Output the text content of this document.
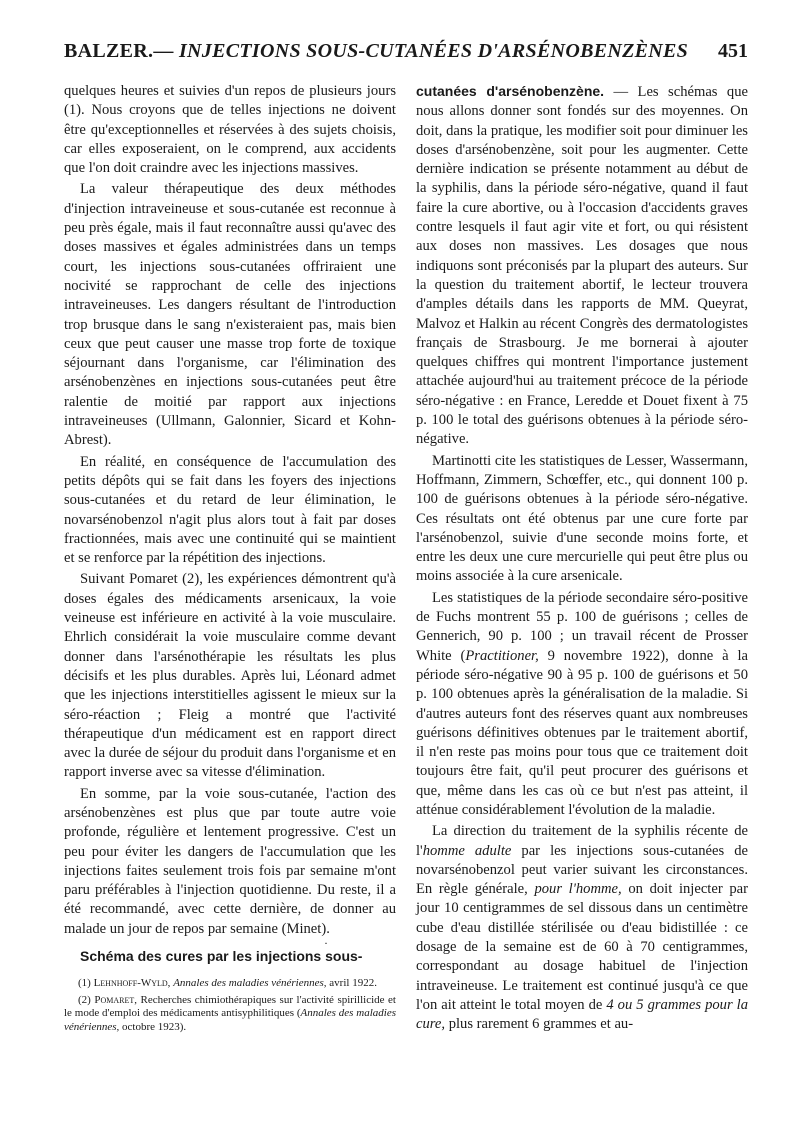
BALZER.— INJECTIONS SOUS-CUTANÉES D'ARSÉNOBENZÈNES 451

quelques heures et suivies d'un repos de plusieurs jours (1). Nous croyons que de telles injections ne doivent être qu'exceptionnelles et réservées à des sujets choisis, car elles exposeraient, on le comprend, aux accidents que l'on doit craindre avec les injections massives.

La valeur thérapeutique des deux méthodes d'injection intraveineuse et sous-cutanée est reconnue à peu près égale, mais il faut reconnaître aussi qu'avec des doses massives et égales administrées dans un temps court, les injections sous-cutanées offriraient une nocivité se rapprochant de celle des injections intraveineuses. Les dangers résultant de l'introduction trop brusque dans le sang n'existeraient pas, mais bien ceux que peut causer une masse trop forte de toxique séjournant dans l'organisme, car l'élimination des arsénobenzènes en injections sous-cutanées peut être ralentie de moitié par rapport aux injections intraveineuses (Ullmann, Galonnier, Sicard et Kohn-Abrest).

En réalité, en conséquence de l'accumulation des petits dépôts qui se fait dans les foyers des injections sous-cutanées et du retard de leur élimination, le novarsénobenzol n'agit plus alors tout à fait par doses fractionnées, mais avec une continuité qui se maintient et se renforce par la répétition des injections.

Suivant Pomaret (2), les expériences démontrent qu'à doses égales des médicaments arsenicaux, la voie veineuse est inférieure en activité à la voie musculaire. Ehrlich considérait la voie musculaire comme devant donner dans l'arsénothérapie les résultats les plus décisifs et les plus durables. Après lui, Léonard admet que les injections interstitielles agissent le mieux sur la séro-réaction ; Fleig a montré que l'activité thérapeutique d'un médicament est en rapport direct avec la durée de séjour du produit dans l'organisme et en rapport inverse avec sa vitesse d'élimination.

En somme, par la voie sous-cutanée, l'action des arsénobenzènes est plus que par toute autre voie profonde, régulière et lentement progressive. C'est un peu pour éviter les dangers de l'accumulation que les injections faites seulement trois fois par semaine m'ont paru préférables à l'injection quotidienne. Du reste, il a été recommandé, avec cette dernière, de donner au malade un jour de repos par semaine (Minet).

·

Schéma des cures par les injections sous-

(1) Lehnhoff-Wyld, Annales des maladies vénériennes, avril 1922.

(2) Pomaret, Recherches chimiothérapiques sur l'activité spirillicide et le mode d'emploi des médicaments antisyphilitiques (Annales des maladies vénériennes, octobre 1923).

cutanées d'arsénobenzène. — Les schémas que nous allons donner sont fondés sur des moyennes. On doit, dans la pratique, les modifier soit pour diminuer les doses d'arsénobenzène, soit pour les augmenter. Cette dernière indication se présente notamment au début de la syphilis, dans la période séro-négative, quand il faut faire la cure abortive, ou à l'occasion d'accidents graves contre lesquels il faut agir vite et fort, ou qui résistent aux doses non massives. Les dosages que nous indiquons sont préconisés par la plupart des auteurs. Sur la question du traitement abortif, le lecteur trouvera d'amples détails dans les rapports de MM. Queyrat, Malvoz et Halkin au récent Congrès des dermatologistes français de Strasbourg. Je me bornerai à ajouter quelques chiffres qui montrent l'importance justement attachée aujourd'hui au traitement précoce de la période séro-négative : en France, Leredde et Douet fixent à 75 p. 100 le total des guérisons obtenues à la période séro-négative.

Martinotti cite les statistiques de Lesser, Wassermann, Hoffmann, Zimmern, Schœffer, etc., qui donnent 100 p. 100 de guérisons obtenues à la période séro-négative. Ces résultats ont été obtenus par une cure forte par l'arsénobenzol, suivie d'une seconde moins forte, et entre les deux une cure mercurielle qui peut être plus ou moins associée à la cure arsenicale.

Les statistiques de la période secondaire séro-positive de Fuchs montrent 55 p. 100 de guérisons ; celles de Gennerich, 90 p. 100 ; un travail récent de Prosser White (Practitioner, 9 novembre 1922), donne à la période séro-négative 90 à 95 p. 100 de guérisons et 50 p. 100 obtenues après la généralisation de la maladie. Si d'autres auteurs font des réserves quant aux nombreuses guérisons définitives obtenues par le traitement abortif, il n'en reste pas moins pour tous que ce traitement doit toujours être fait, qu'il peut procurer des guérisons et que, même dans les cas où ce but n'est pas atteint, il atténue considérablement l'évolution de la maladie.

La direction du traitement de la syphilis récente de l'homme adulte par les injections sous-cutanées de novarsénobenzol peut varier suivant les circonstances. En règle générale, pour l'homme, on doit injecter par jour 10 centigrammes de sel dissous dans un centimètre cube d'eau distillée stérilisée ou d'eau bidistillée : ce dosage de la semaine est de 60 à 70 centigrammes, correspondant au dosage habituel de l'injection intraveineuse. Le traitement est continué jusqu'à ce que l'on ait atteint le total moyen de 4 ou 5 grammes pour la cure, plus rarement 6 grammes et au-
